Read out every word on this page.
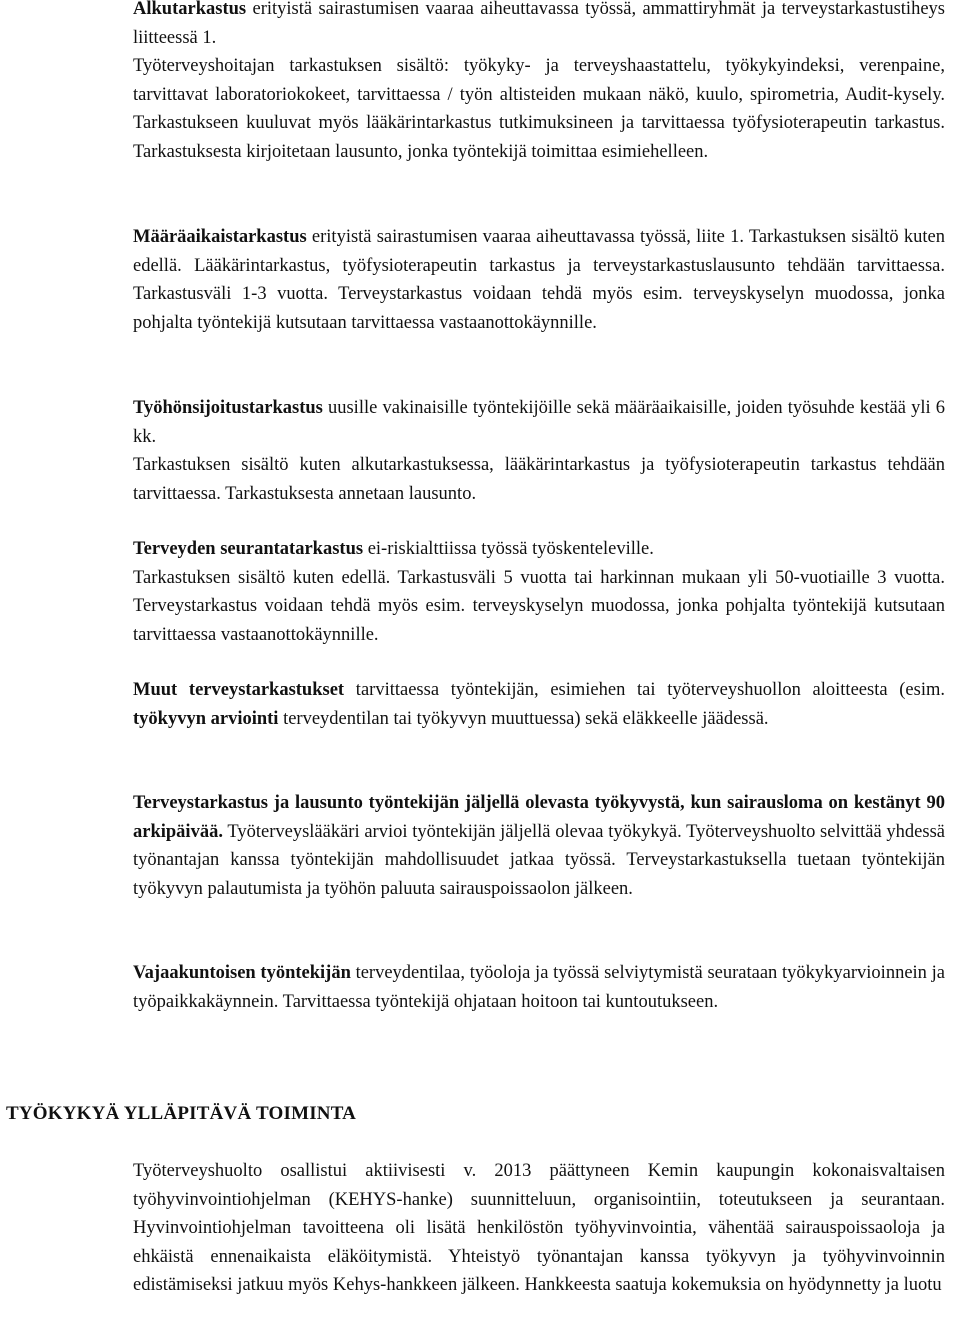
Alkutarkastus erityistä sairastumisen vaaraa aiheuttavassa työssä, ammattiryhmät ja terveystarkastustiheys liitteessä 1.
Työterveyshoitajan tarkastuksen sisältö: työkyky- ja terveyshaastattelu, työkykyindeksi, verenpaine, tarvittavat laboratoriokokeet, tarvittaessa / työn altisteiden mukaan näkö, kuulo, spirometria, Audit-kysely. Tarkastukseen kuuluvat myös lääkärintarkastus tutkimuksineen ja tarvittaessa työfysioterapeutin tarkastus. Tarkastuksesta kirjoitetaan lausunto, jonka työntekijä toimittaa esimiehelleen.

Määräaikaistarkastus erityistä sairastumisen vaaraa aiheuttavassa työssä, liite 1. Tarkastuksen sisältö kuten edellä. Lääkärintarkastus, työfysioterapeutin tarkastus ja terveystarkastuslausunto tehdään tarvittaessa. Tarkastusväli 1-3 vuotta. Terveystarkastus voidaan tehdä myös esim. terveyskyselyn muodossa, jonka pohjalta työntekijä kutsutaan tarvittaessa vastaanottokäynnille.

Työhönsijoitustarkastus uusille vakinaisille työntekijöille sekä määräaikaisille, joiden työsuhde kestää yli 6 kk.
Tarkastuksen sisältö kuten alkutarkastuksessa, lääkärintarkastus ja työfysioterapeutin tarkastus tehdään tarvittaessa. Tarkastuksesta annetaan lausunto.

Terveyden seurantatarkastus ei-riskialttiissa työssä työskenteleville.
Tarkastuksen sisältö kuten edellä. Tarkastusväli 5 vuotta tai harkinnan mukaan yli 50-vuotiaille 3 vuotta. Terveystarkastus voidaan tehdä myös esim. terveyskyselyn muodossa, jonka pohjalta työntekijä kutsutaan tarvittaessa vastaanottokäynnille.

Muut terveystarkastukset tarvittaessa työntekijän, esimiehen tai työterveyshuollon aloitteesta (esim. työkyvyn arviointi terveydentilan tai työkyvyn muuttuessa) sekä eläkkeelle jäädessä.

Terveystarkastus ja lausunto työntekijän jäljellä olevasta työkyvystä, kun sairausloma on kestänyt 90 arkipäivää. Työterveyslääkäri arvioi työntekijän jäljellä olevaa työkykyä. Työterveyshuolto selvittää yhdessä työnantajan kanssa työntekijän mahdollisuudet jatkaa työssä. Terveystarkastuksella tuetaan työntekijän työkyvyn palautumista ja työhön paluuta sairauspoissaolon jälkeen.

Vajaakuntoisen työntekijän terveydentilaa, työoloja ja työssä selviytymistä seurataan työkykyarvioinnein ja työpaikkakäynnein. Tarvittaessa työntekijä ohjataan hoitoon tai kuntoutukseen.

TYÖKYKYÄ YLLÄPITÄVÄ TOIMINTA

Työterveyshuolto osallistui aktiivisesti v. 2013 päättyneen Kemin kaupungin kokonaisvaltaisen työhyvinvointiohjelman (KEHYS-hanke) suunnitteluun, organisointiin, toteutukseen ja seurantaan. Hyvinvointiohjelman tavoitteena oli lisätä henkilöstön työhyvinvointia, vähentää sairauspoissaoloja ja ehkäistä ennenaikaista eläköitymistä. Yhteistyö työnantajan kanssa työkyvyn ja työhyvinvoinnin edistämiseksi jatkuu myös Kehys-hankkeen jälkeen. Hankkeesta saatuja kokemuksia on hyödynnetty ja luotu
